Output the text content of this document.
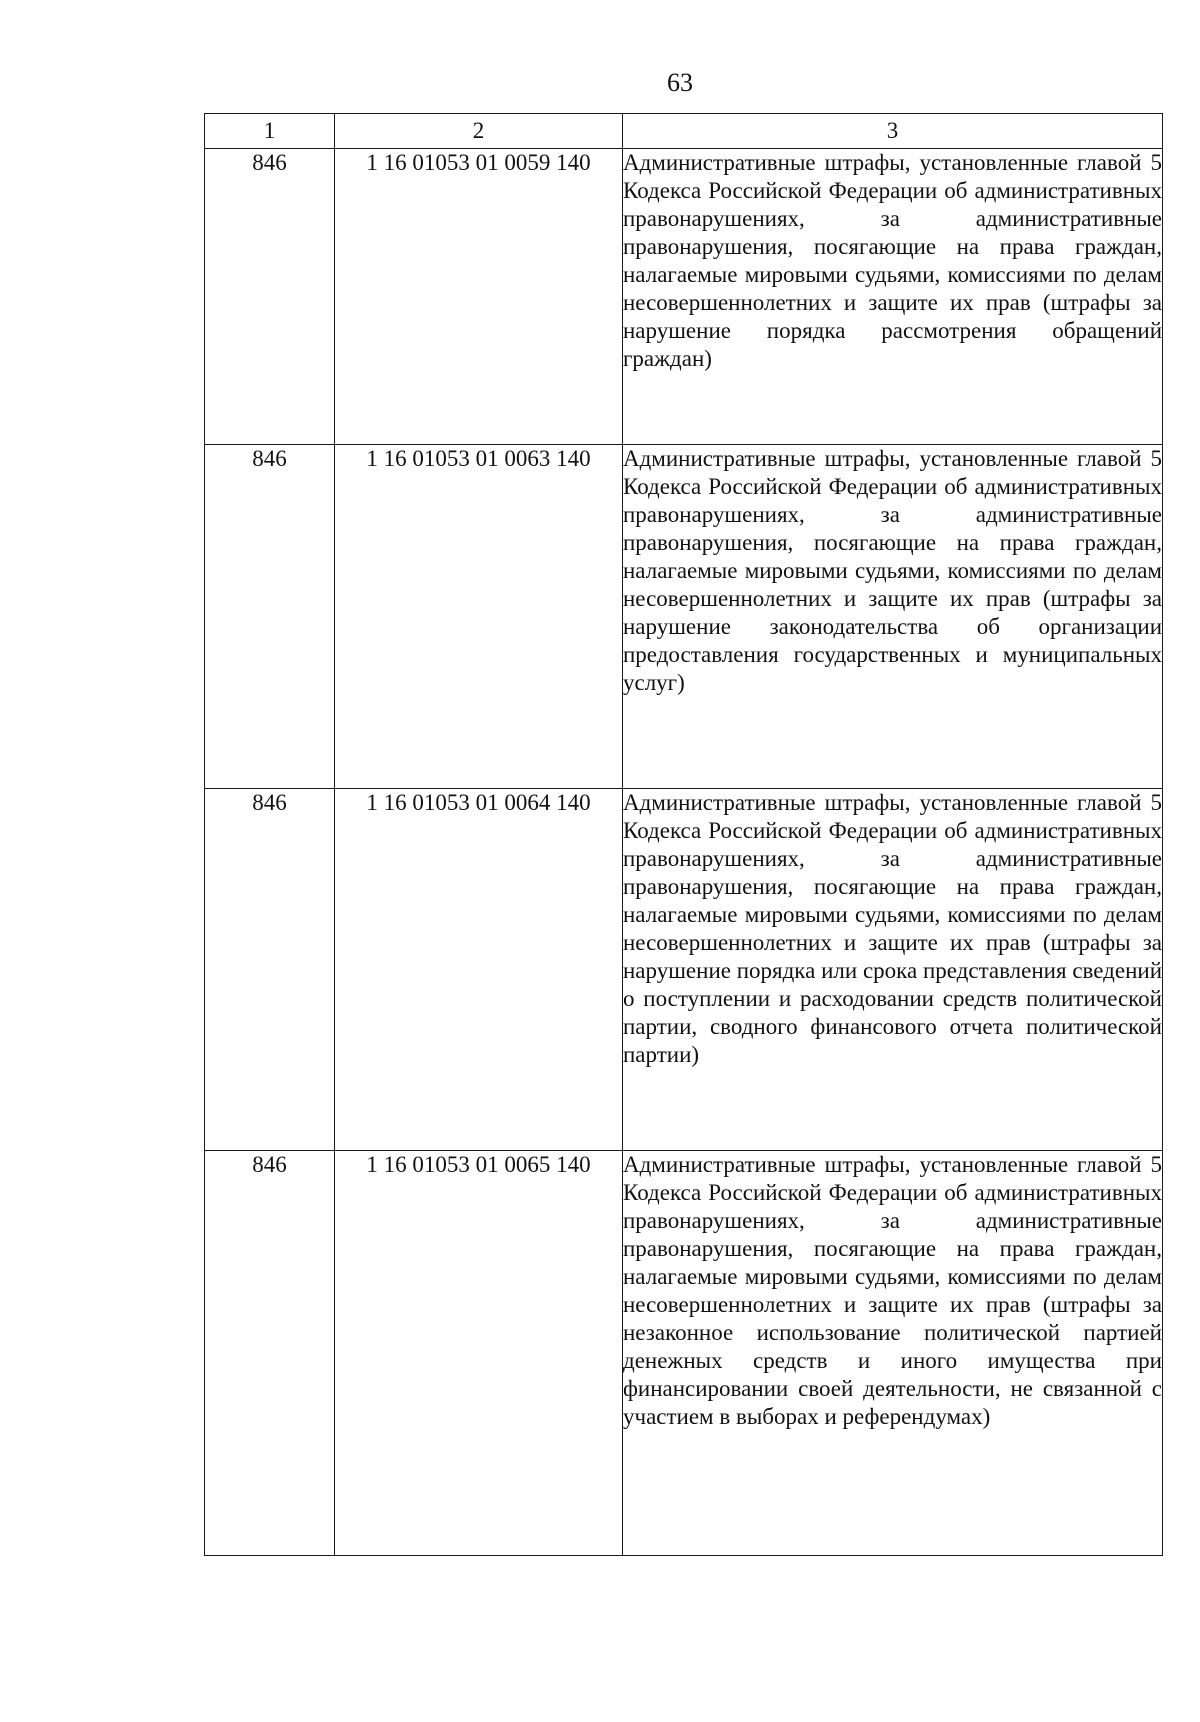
63
1	2	3
846	1 16 01053 01 0059 140	Административные штрафы, установленные главой 5 Кодекса Российской Федерации об административных правонарушениях, за административные правонарушения, посягающие на права граждан, налагаемые мировыми судьями, комиссиями по делам несовершеннолетних и защите их прав (штрафы за нарушение порядка рассмотрения обращений граждан)
846	1 16 01053 01 0063 140	Административные штрафы, установленные главой 5 Кодекса Российской Федерации об административных правонарушениях, за административные правонарушения, посягающие на права граждан, налагаемые мировыми судьями, комиссиями по делам несовершеннолетних и защите их прав (штрафы за нарушение законодательства об организации предоставления государственных и муниципальных услуг)
846	1 16 01053 01 0064 140	Административные штрафы, установленные главой 5 Кодекса Российской Федерации об административных правонарушениях, за административные правонарушения, посягающие на права граждан, налагаемые мировыми судьями, комиссиями по делам несовершеннолетних и защите их прав (штрафы за нарушение порядка или срока представления сведений о поступлении и расходовании средств политической партии, сводного финансового отчета политической партии)
846	1 16 01053 01 0065 140	Административные штрафы, установленные главой 5 Кодекса Российской Федерации об административных правонарушениях, за административные правонарушения, посягающие на права граждан, налагаемые мировыми судьями, комиссиями по делам несовершеннолетних и защите их прав (штрафы за незаконное использование политической партией денежных средств и иного имущества при финансировании своей деятельности, не связанной с участием в выборах и референдумах)
